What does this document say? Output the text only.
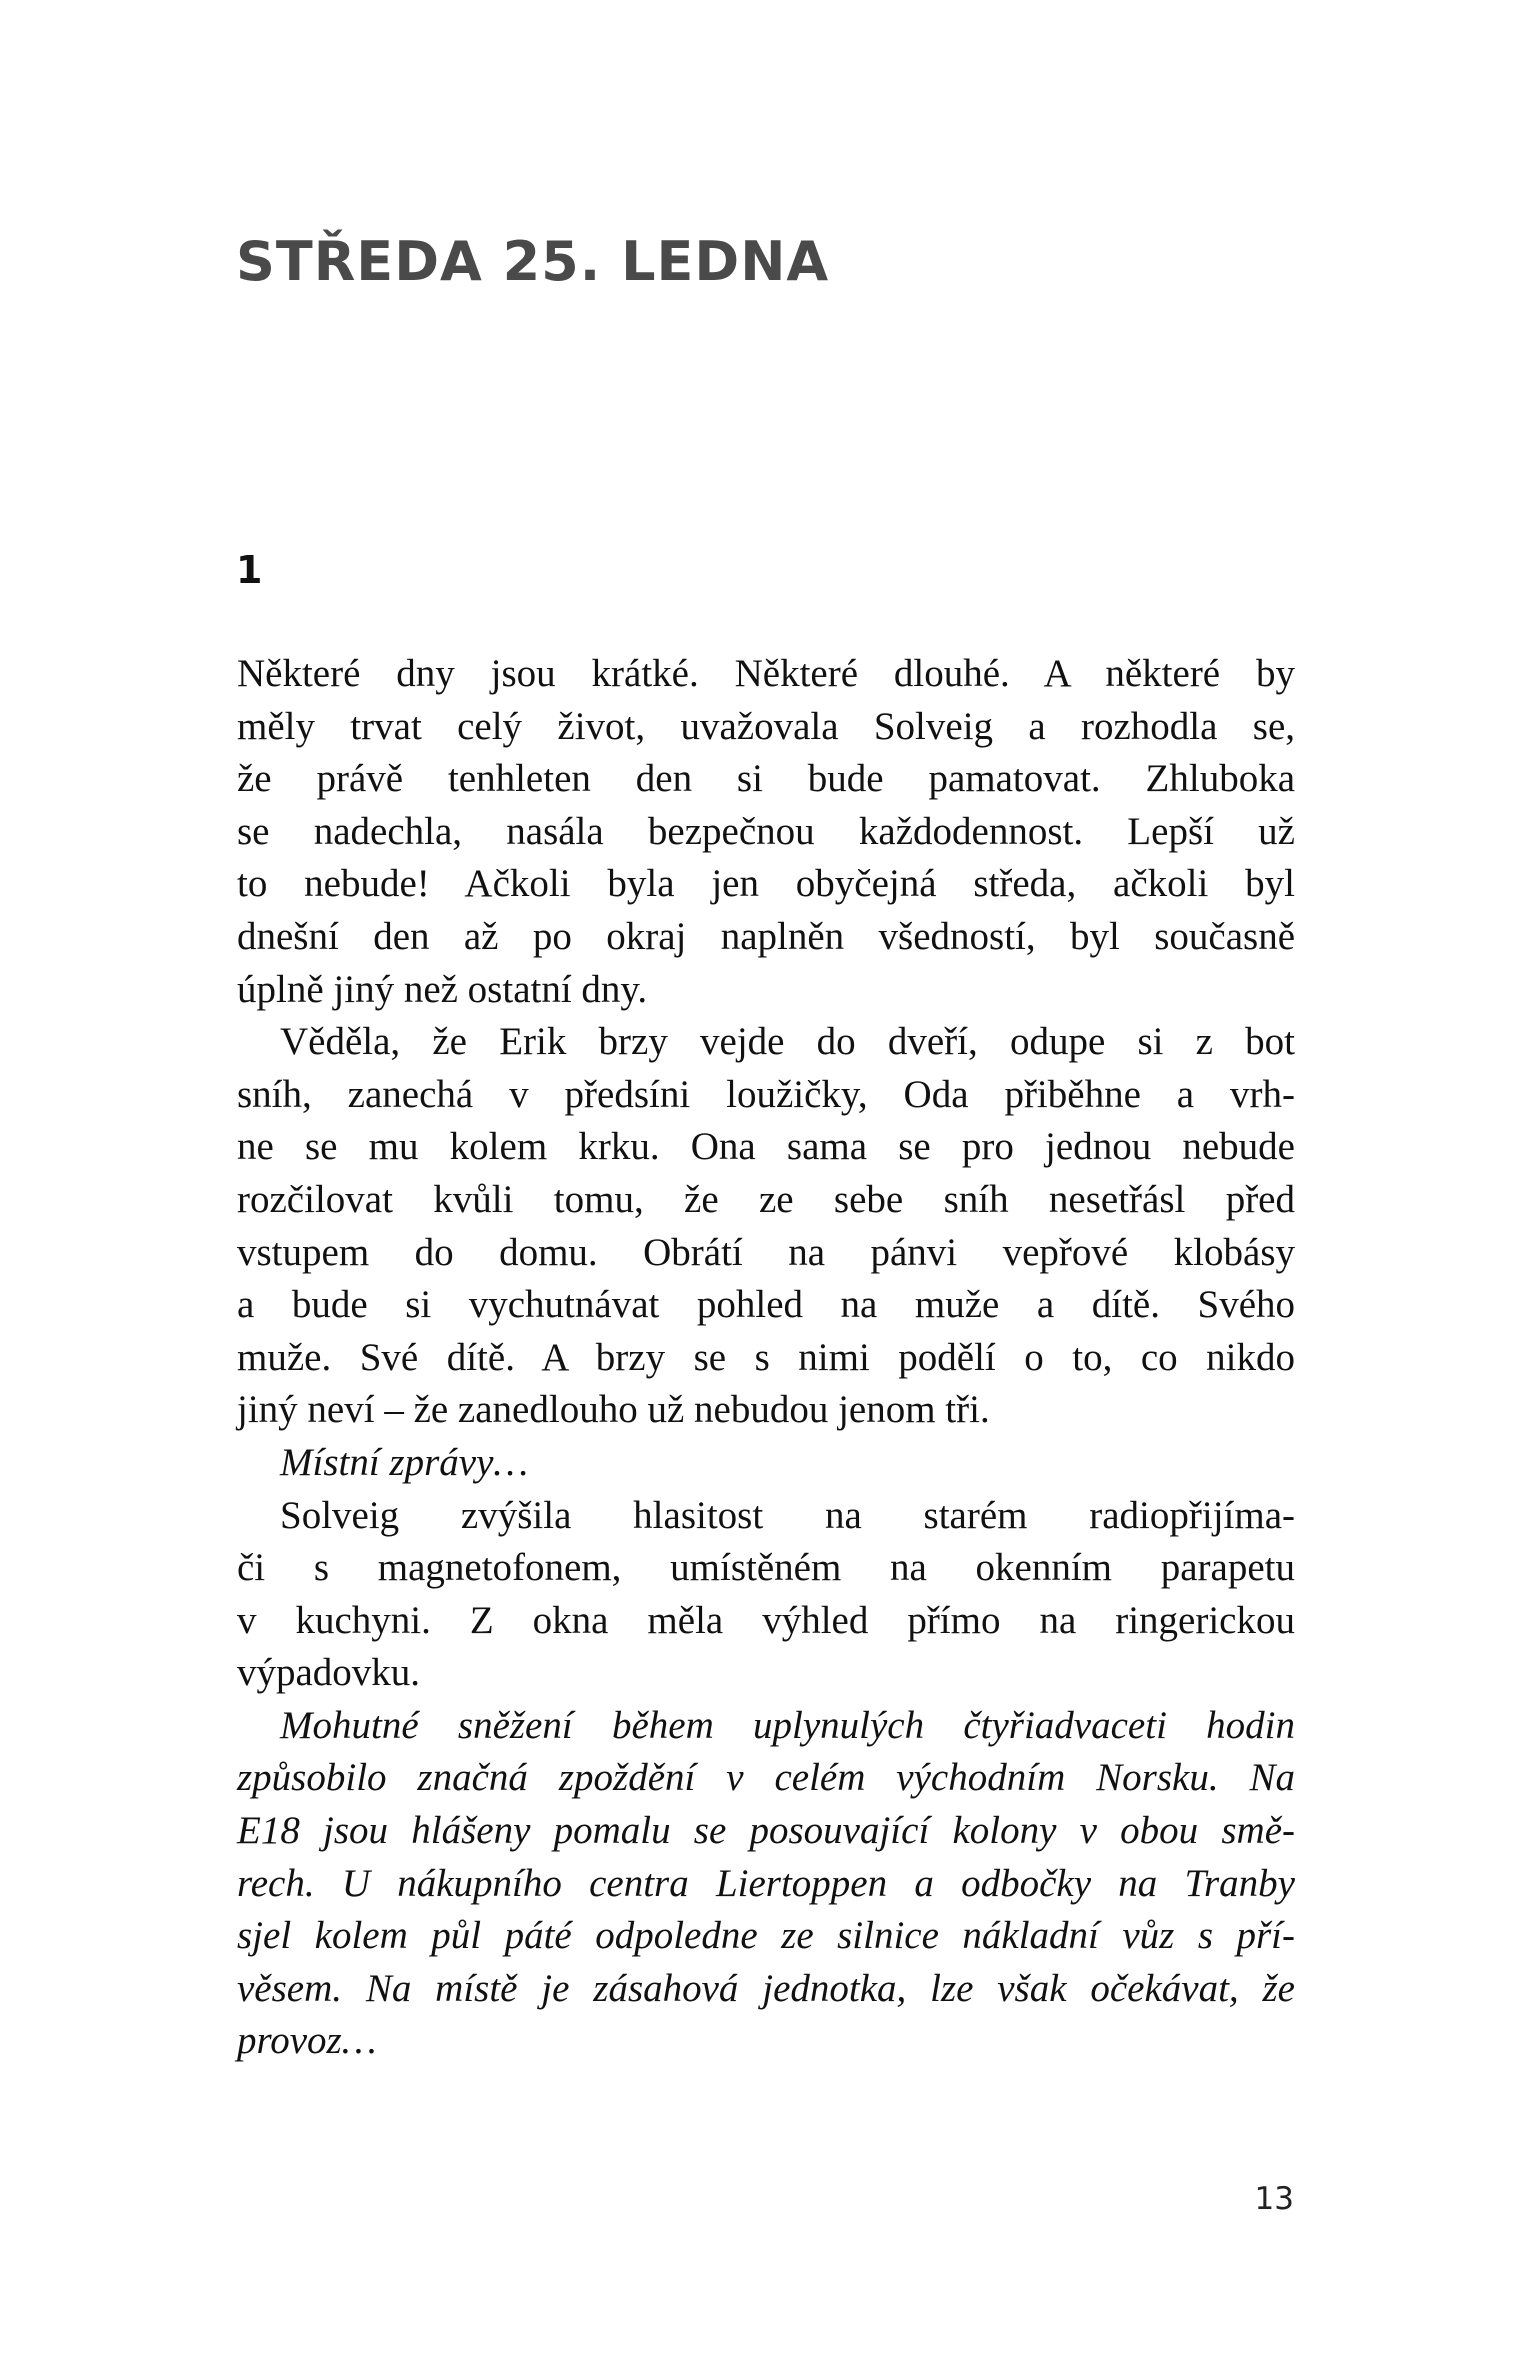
STŘEDA 25. LEDNA
1

Některé dny jsou krátké. Některé dlouhé. A některé by
měly trvat celý život, uvažovala Solveig a rozhodla se,
že právě tenhleten den si bude pamatovat. Zhluboka
se nadechla, nasála bezpečnou každodennost. Lepší už
to nebude! Ačkoli byla jen obyčejná středa, ačkoli byl
dnešní den až po okraj naplněn všedností, byl současně
úplně jiný než ostatní dny.

Věděla, že Erik brzy vejde do dveří, odupe si z bot
sníh, zanechá v předsíni loužičky, Oda přiběhne a vrh-
ne se mu kolem krku. Ona sama se pro jednou nebude
rozčilovat kvůli tomu, že ze sebe sníh nesetřásl před
vstupem do domu. Obrátí na pánvi vepřové klobásy
a bude si vychutnávat pohled na muže a dítě. Svého
muže. Své dítě. A brzy se s nimi podělí o to, co nikdo
jiný neví – že zanedlouho už nebudou jenom tři.

Místní zprávy…

Solveig zvýšila hlasitost na starém radiopřijíma-
či s magnetofonem, umístěném na okenním parapetu
v kuchyni. Z okna měla výhled přímo na ringerickou
výpadovku.

Mohutné sněžení během uplynulých čtyřiadvaceti hodin
způsobilo značná zpoždění v celém východním Norsku. Na
E18 jsou hlášeny pomalu se posouvající kolony v obou smě-
rech. U nákupního centra Liertoppen a odbočky na Tranby
sjel kolem půl páté odpoledne ze silnice nákladní vůz s pří-
věsem. Na místě je zásahová jednotka, lze však očekávat, že
provoz…

13
